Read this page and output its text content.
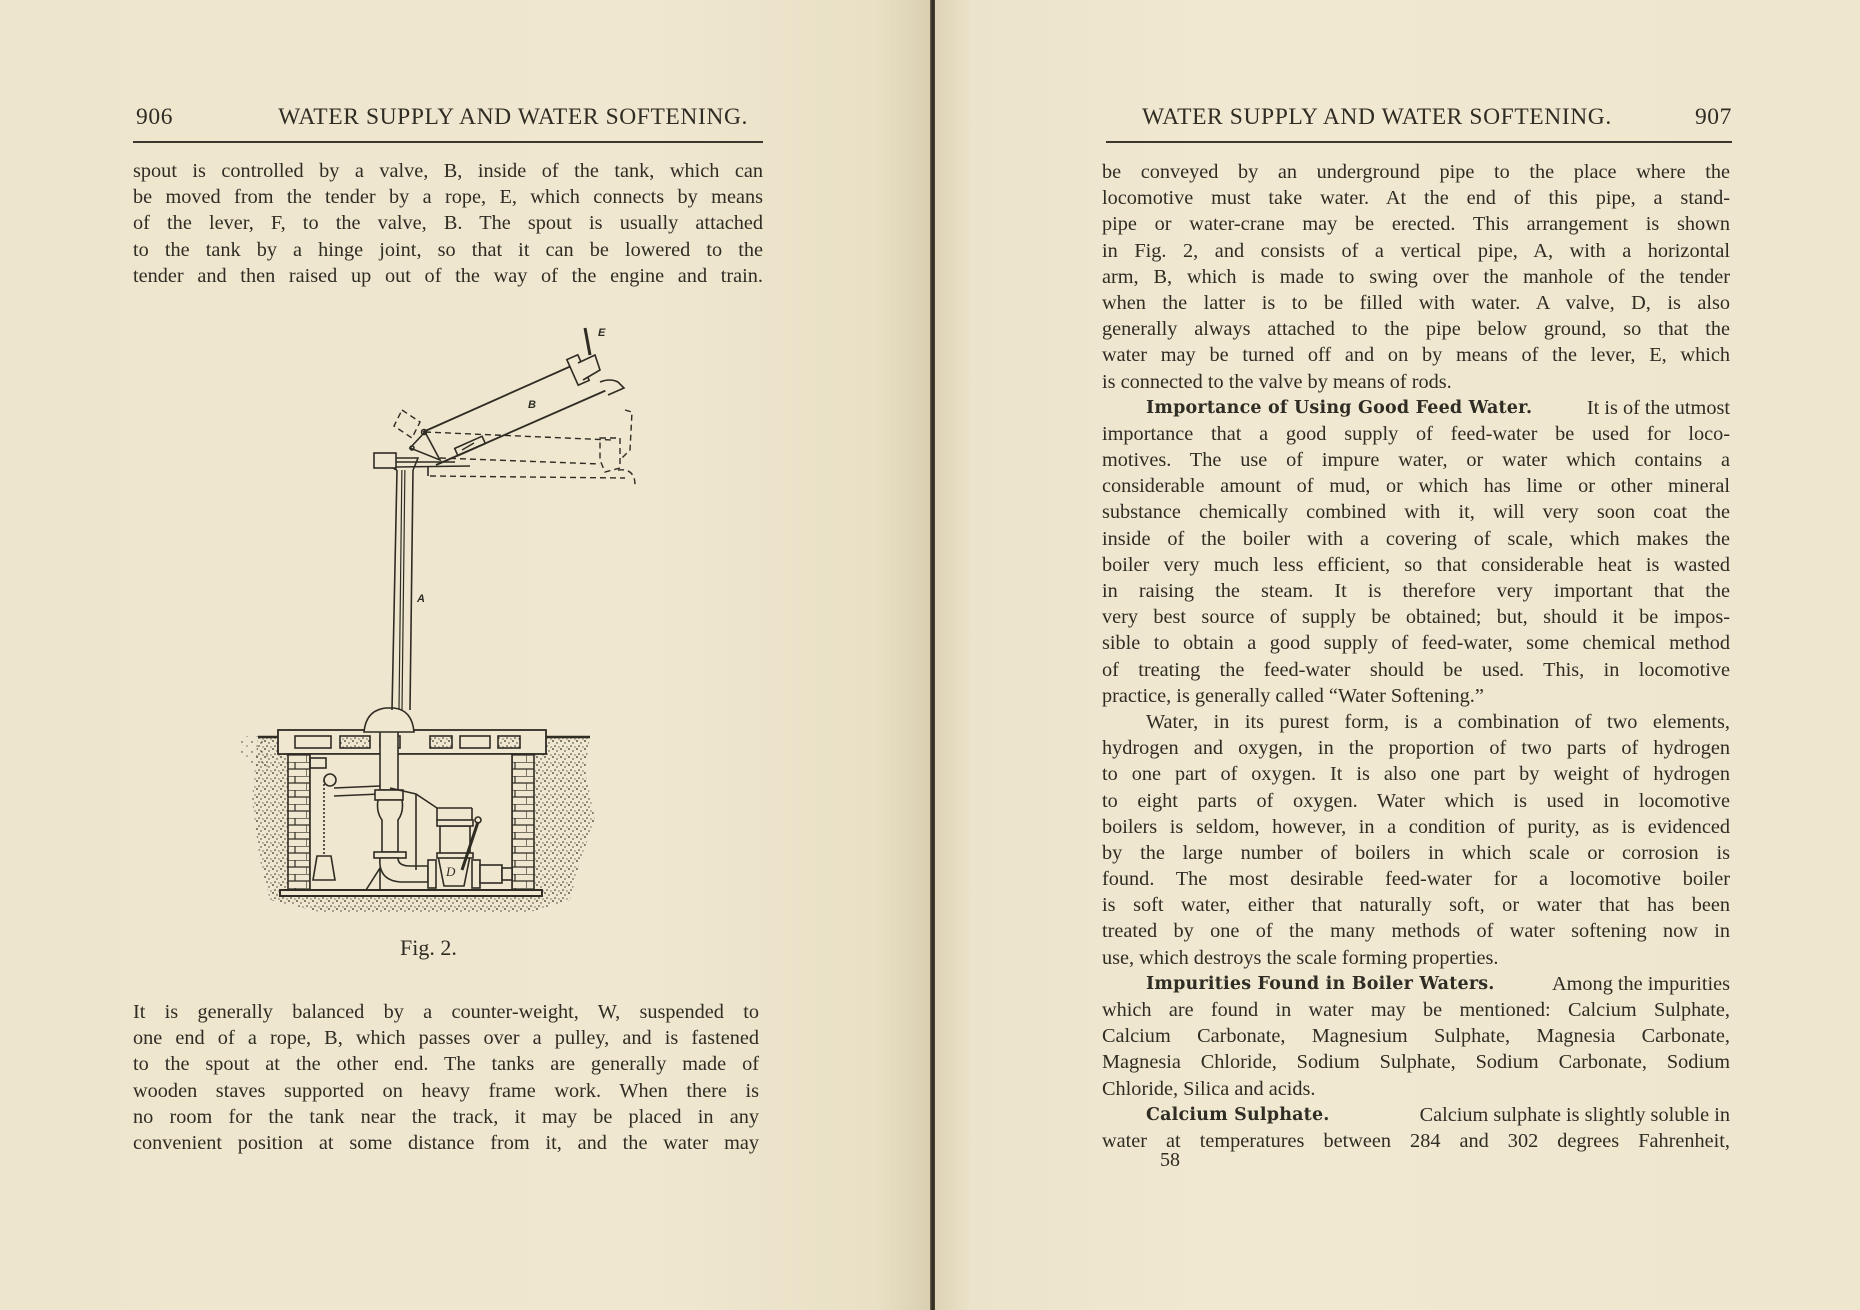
906	WATER SUPPLY AND WATER SOFTENING.
spout is controlled by a valve, B, inside of the tank, which can
be moved from the tender by a rope, E, which connects by means
of the lever, F, to the valve, B. The spout is usually attached
to the tank by a hinge joint, so that it can be lowered to the
tender and then raised up out of the way of the engine and train.
D
A
B
E
Fig. 2.
It is generally balanced by a counter-weight, W, suspended to
one end of a rope, B, which passes over a pulley, and is fastened
to the spout at the other end. The tanks are generally made of
wooden staves supported on heavy frame work. When there is
no room for the tank near the track, it may be placed in any
convenient position at some distance from it, and the water may
WATER SUPPLY AND WATER SOFTENING.	907
be conveyed by an underground pipe to the place where the
locomotive must take water. At the end of this pipe, a stand-
pipe or water-crane may be erected. This arrangement is shown
in Fig. 2, and consists of a vertical pipe, A, with a horizontal
arm, B, which is made to swing over the manhole of the tender
when the latter is to be filled with water. A valve, D, is also
generally always attached to the pipe below ground, so that the
water may be turned off and on by means of the lever, E, which
is connected to the valve by means of rods.
Importance of Using Good Feed Water. It is of the utmost
importance that a good supply of feed-water be used for loco-
motives. The use of impure water, or water which contains a
considerable amount of mud, or which has lime or other mineral
substance chemically combined with it, will very soon coat the
inside of the boiler with a covering of scale, which makes the
boiler very much less efficient, so that considerable heat is wasted
in raising the steam. It is therefore very important that the
very best source of supply be obtained; but, should it be impos-
sible to obtain a good supply of feed-water, some chemical method
of treating the feed-water should be used. This, in locomotive
practice, is generally called “Water Softening.”
Water, in its purest form, is a combination of two elements,
hydrogen and oxygen, in the proportion of two parts of hydrogen
to one part of oxygen. It is also one part by weight of hydrogen
to eight parts of oxygen. Water which is used in locomotive
boilers is seldom, however, in a condition of purity, as is evidenced
by the large number of boilers in which scale or corrosion is
found. The most desirable feed-water for a locomotive boiler
is soft water, either that naturally soft, or water that has been
treated by one of the many methods of water softening now in
use, which destroys the scale forming properties.
Impurities Found in Boiler Waters. Among the impurities
which are found in water may be mentioned: Calcium Sulphate,
Calcium Carbonate, Magnesium Sulphate, Magnesia Carbonate,
Magnesia Chloride, Sodium Sulphate, Sodium Carbonate, Sodium
Chloride, Silica and acids.
Calcium Sulphate.	Calcium sulphate is slightly soluble in
water at temperatures between 284 and 302 degrees Fahrenheit,
58
